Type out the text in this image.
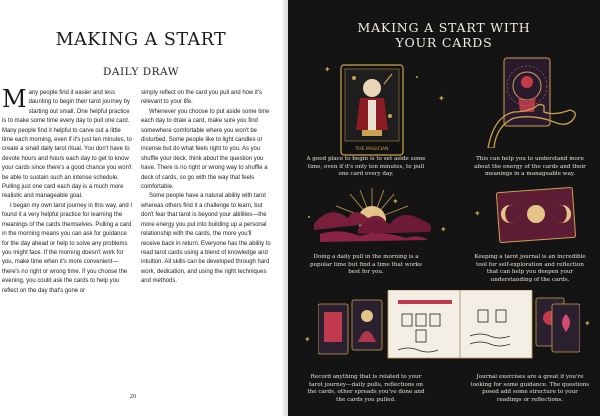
MAKING A START
DAILY DRAW

Many people find it easier and less daunting to begin their tarot journey by starting out small. One helpful practice is to make some time every day to pull one card. Many people find it helpful to carve out a little time each morning, even if it's just ten minutes, to create a small daily tarot ritual. You don't have to devote hours and hours each day to get to know your cards since there's a good chance you won't be able to sustain such an intense schedule. Pulling just one card each day is a much more realistic and manageable goal.

I began my own tarot journey in this way, and I found it a very helpful practice for learning the meanings of the cards themselves. Pulling a card in the morning means you can ask for guidance for the day ahead or help to solve any problems you might face. If the morning doesn't work for you, make time when it's more convenient—there's no right or wrong time. If you choose the evening, you could ask the cards to help you reflect on the day that's gone or

simply reflect on the card you pull and how it's relevant to your life.

Whenever you choose to put aside some time each day to draw a card, make sure you find somewhere comfortable where you won't be disturbed. Some people like to light candles or incense but do what feels right to you. As you shuffle your deck, think about the question you have. There is no right or wrong way to shuffle a deck of cards, so go with the way that feels comfortable.

Some people have a natural ability with tarot whereas others find it a challenge to learn, but don't fear that tarot is beyond your abilities—the more energy you put into building up a personal relationship with the cards, the more you'll receive back in return. Everyone has the ability to read tarot cards using a blend of knowledge and intuition. All skills can be developed through hard work, dedication, and using the right techniques and methods.

20
MAKING A START WITH
YOUR CARDS
✦
✦
✦
✦
✦
✦
✦
THE MAGICIAN
A good place to begin is to set aside some time, even if it's only ten minutes, to pull one card every day.
This can help you to understand more about the energy of the cards and their meanings in a manageable way.
Doing a daily pull in the morning is a popular time but find a time that works best for you.
Keeping a tarot journal is an incredible tool for self-exploration and reflection that can help you deepen your understanding of the cards.
Record anything that is related to your tarot journey—daily pulls, reflections on the cards, other spreads you've done and the cards you pulled.
Journal exercises are a great if you're looking for some guidance. The questions posed add some structure to your readings or reflections.
